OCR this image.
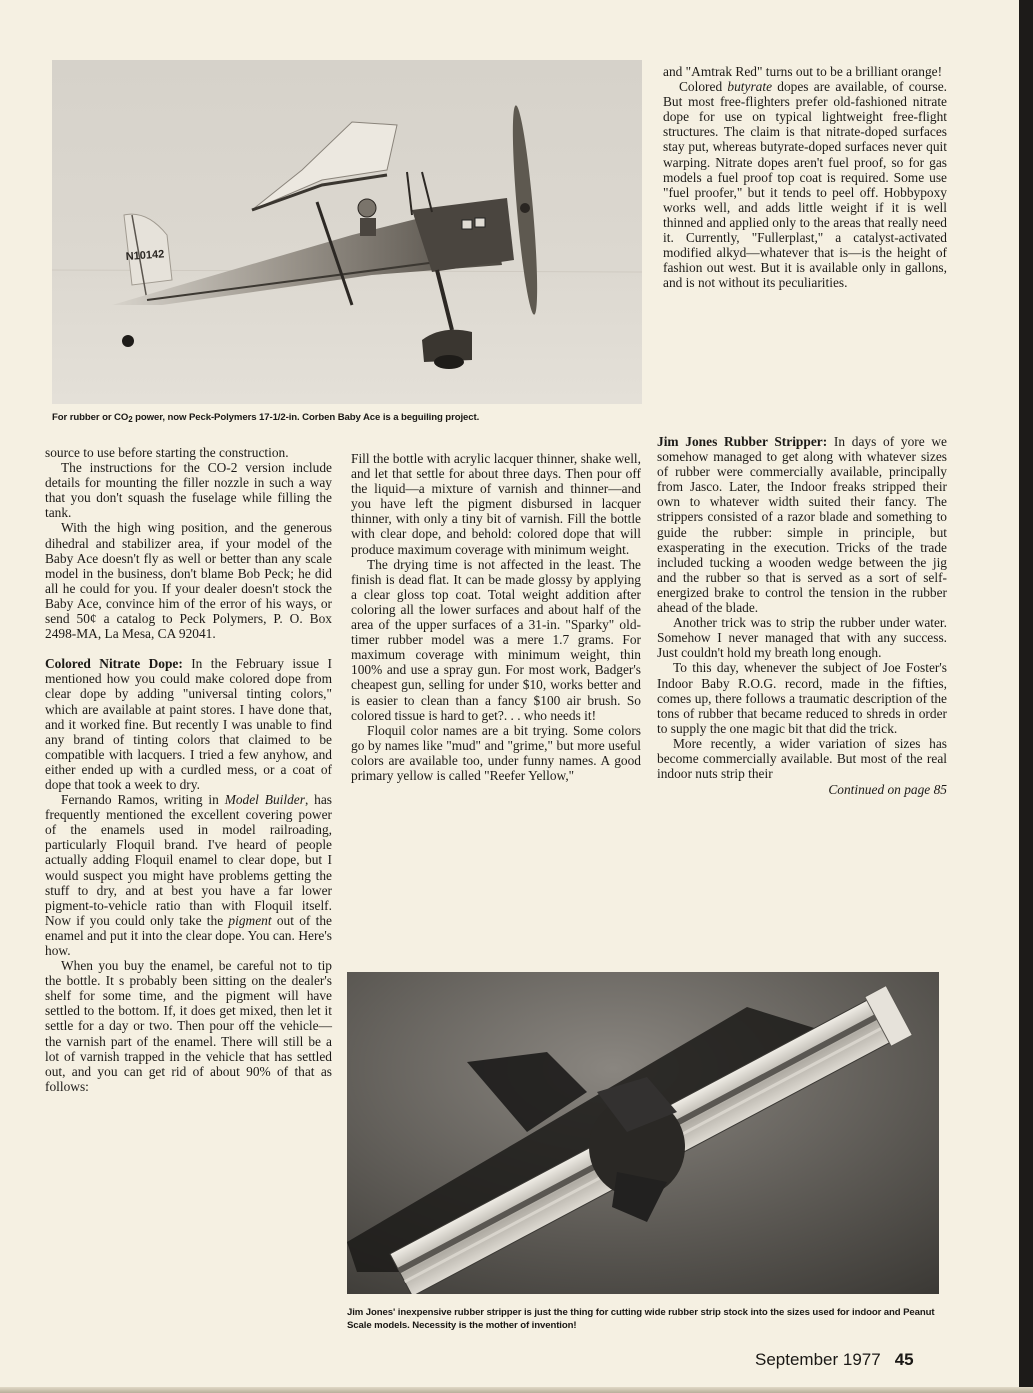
N10142
For rubber or $CO_2$ power, now Peck-Polymers 17-1/2-in. Corben Baby Ace is a beguiling project.

and "Amtrak Red" turns out to be a brilliant orange!

Colored butyrate dopes are available, of course. But most free-flighters prefer old-fashioned nitrate dope for use on typical lightweight free-flight structures. The claim is that nitrate-doped surfaces stay put, whereas butyrate-doped surfaces never quit warping. Nitrate dopes aren't fuel proof, so for gas models a fuel proof top coat is required. Some use "fuel proofer," but it tends to peel off. Hobbypoxy works well, and adds little weight if it is well thinned and applied only to the areas that really need it. Currently, "Fullerplast," a catalyst-activated modified alkyd—whatever that is—is the height of fashion out west. But it is available only in gallons, and is not without its peculiarities.

source to use before starting the construction.

The instructions for the CO-2 version include details for mounting the filler nozzle in such a way that you don't squash the fuselage while filling the tank.

With the high wing position, and the generous dihedral and stabilizer area, if your model of the Baby Ace doesn't fly as well or better than any scale model in the business, don't blame Bob Peck; he did all he could for you. If your dealer doesn't stock the Baby Ace, convince him of the error of his ways, or send 50¢ a catalog to Peck Polymers, P. O. Box 2498-MA, La Mesa, CA 92041.

Colored Nitrate Dope: In the February issue I mentioned how you could make colored dope from clear dope by adding "universal tinting colors," which are available at paint stores. I have done that, and it worked fine. But recently I was unable to find any brand of tinting colors that claimed to be compatible with lacquers. I tried a few anyhow, and either ended up with a curdled mess, or a coat of dope that took a week to dry.

Fernando Ramos, writing in Model Builder, has frequently mentioned the excellent covering power of the enamels used in model railroading, particularly Floquil brand. I've heard of people actually adding Floquil enamel to clear dope, but I would suspect you might have problems getting the stuff to dry, and at best you have a far lower pigment-to-vehicle ratio than with Floquil itself. Now if you could only take the pigment out of the enamel and put it into the clear dope. You can. Here's how.

When you buy the enamel, be careful not to tip the bottle. It s probably been sitting on the dealer's shelf for some time, and the pigment will have settled to the bottom. If, it does get mixed, then let it settle for a day or two. Then pour off the vehicle—the varnish part of the enamel. There will still be a lot of varnish trapped in the vehicle that has settled out, and you can get rid of about 90% of that as follows:

Fill the bottle with acrylic lacquer thinner, shake well, and let that settle for about three days. Then pour off the liquid—a mixture of varnish and thinner—and you have left the pigment disbursed in lacquer thinner, with only a tiny bit of varnish. Fill the bottle with clear dope, and behold: colored dope that will produce maximum coverage with minimum weight.

The drying time is not affected in the least. The finish is dead flat. It can be made glossy by applying a clear gloss top coat. Total weight addition after coloring all the lower surfaces and about half of the area of the upper surfaces of a 31-in. "Sparky" old-timer rubber model was a mere 1.7 grams. For maximum coverage with minimum weight, thin 100% and use a spray gun. For most work, Badger's cheapest gun, selling for under $10, works better and is easier to clean than a fancy $100 air brush. So colored tissue is hard to get?. . . who needs it!

Floquil color names are a bit trying. Some colors go by names like "mud" and "grime," but more useful colors are available too, under funny names. A good primary yellow is called "Reefer Yellow,"

Jim Jones Rubber Stripper: In days of yore we somehow managed to get along with whatever sizes of rubber were commercially available, principally from Jasco. Later, the Indoor freaks stripped their own to whatever width suited their fancy. The strippers consisted of a razor blade and something to guide the rubber: simple in principle, but exasperating in the execution. Tricks of the trade included tucking a wooden wedge between the jig and the rubber so that is served as a sort of self-energized brake to control the tension in the rubber ahead of the blade.

Another trick was to strip the rubber under water. Somehow I never managed that with any success. Just couldn't hold my breath long enough.

To this day, whenever the subject of Joe Foster's Indoor Baby R.O.G. record, made in the fifties, comes up, there follows a traumatic description of the tons of rubber that became reduced to shreds in order to supply the one magic bit that did the trick.

More recently, a wider variation of sizes has become commercially available. But most of the real indoor nuts strip their

Continued on page 85

Jim Jones' inexpensive rubber stripper is just the thing for cutting wide rubber strip stock into the sizes used for indoor and Peanut Scale models. Necessity is the mother of invention!
September 1977 45
